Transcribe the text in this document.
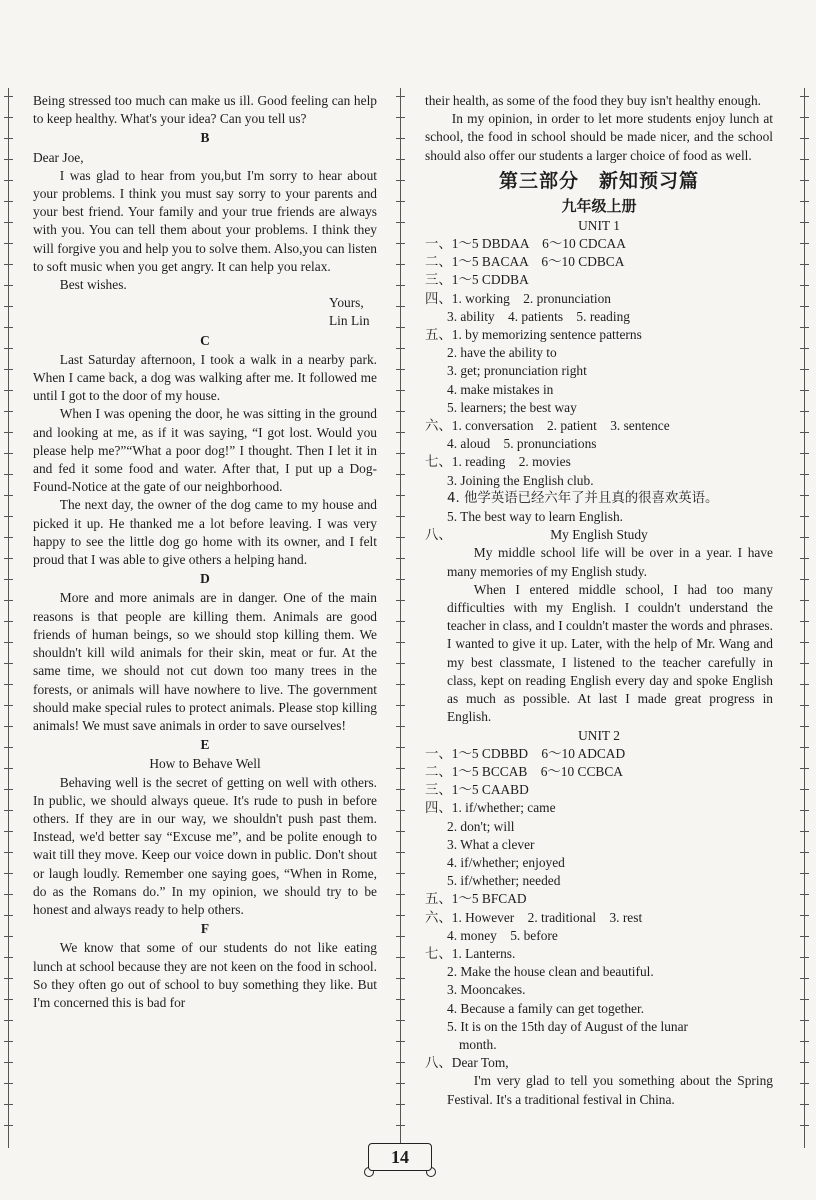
Being stressed too much can make us ill. Good feeling can help to keep healthy. What's your idea? Can you tell us?

B

Dear Joe,

I was glad to hear from you,but I'm sorry to hear about your problems. I think you must say sorry to your parents and your best friend. Your family and your true friends are always with you. You can tell them about your problems. I think they will forgive you and help you to solve them. Also,you can listen to soft music when you get angry. It can help you relax.

Best wishes.

Yours,

Lin Lin

C

Last Saturday afternoon, I took a walk in a nearby park. When I came back, a dog was walking after me. It followed me until I got to the door of my house.

When I was opening the door, he was sitting in the ground and looking at me, as if it was saying, “I got lost. Would you please help me?”“What a poor dog!” I thought. Then I let it in and fed it some food and water. After that, I put up a Dog-Found-Notice at the gate of our neighborhood.

The next day, the owner of the dog came to my house and picked it up. He thanked me a lot before leaving. I was very happy to see the little dog go home with its owner, and I felt proud that I was able to give others a helping hand.

D

More and more animals are in danger. One of the main reasons is that people are killing them. Animals are good friends of human beings, so we should stop killing them. We shouldn't kill wild animals for their skin, meat or fur. At the same time, we should not cut down too many trees in the forests, or animals will have nowhere to live. The government should make special rules to protect animals. Please stop killing animals! We must save animals in order to save ourselves!

E

How to Behave Well

Behaving well is the secret of getting on well with others. In public, we should always queue. It's rude to push in before others. If they are in our way, we shouldn't push past them. Instead, we'd better say “Excuse me”, and be polite enough to wait till they move. Keep our voice down in public. Don't shout or laugh loudly. Remember one saying goes, “When in Rome, do as the Romans do.” In my opinion, we should try to be honest and always ready to help others.

F

We know that some of our students do not like eating lunch at school because they are not keen on the food in school. So they often go out of school to buy something they like. But I'm concerned this is bad for

their health, as some of the food they buy isn't healthy enough.

In my opinion, in order to let more students enjoy lunch at school, the food in school should be made nicer, and the school should also offer our students a larger choice of food as well.

第三部分　新知预习篇

九年级上册

UNIT 1

一、1～5 DBDAA　6～10 CDCAA

二、1～5 BACAA　6～10 CDBCA

三、1～5 CDDBA

四、1. working　2. pronunciation

3. ability　4. patients　5. reading

五、1. by memorizing sentence patterns

2. have the ability to

3. get; pronunciation right

4. make mistakes in

5. learners; the best way

六、1. conversation　2. patient　3. sentence

4. aloud　5. pronunciations

七、1. reading　2. movies

3. Joining the English club.

4. 他学英语已经六年了并且真的很喜欢英语。

5. The best way to learn English.

八、	My English Study

My middle school life will be over in a year. I have many memories of my English study.

When I entered middle school, I had too many difficulties with my English. I couldn't understand the teacher in class, and I couldn't master the words and phrases. I wanted to give it up. Later, with the help of Mr. Wang and my best classmate, I listened to the teacher carefully in class, kept on reading English every day and spoke English as much as possible. At last I made great progress in English.

UNIT 2

一、1～5 CDBBD　6～10 ADCAD

二、1～5 BCCAB　6～10 CCBCA

三、1～5 CAABD

四、1. if/whether; came

2. don't; will

3. What a clever

4. if/whether; enjoyed

5. if/whether; needed

五、1～5 BFCAD

六、1. However　2. traditional　3. rest

4. money　5. before

七、1. Lanterns.

2. Make the house clean and beautiful.

3. Mooncakes.

4. Because a family can get together.

5. It is on the 15th day of August of the lunar

month.

八、Dear Tom,

I'm very glad to tell you something about the Spring Festival. It's a traditional festival in China.

14
